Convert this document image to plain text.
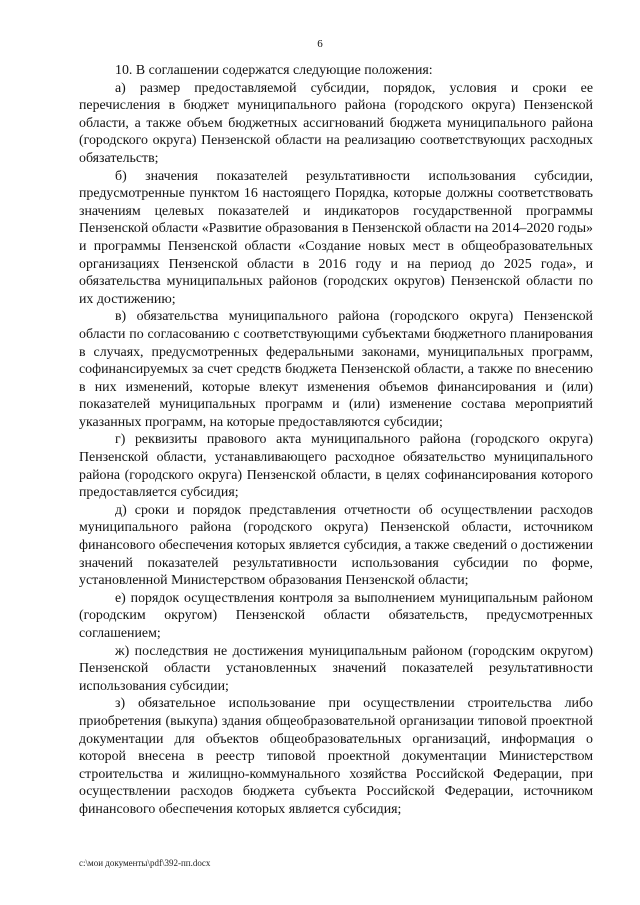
6

10. В соглашении содержатся следующие положения:

а) размер предоставляемой субсидии, порядок, условия и сроки ее перечисления в бюджет муниципального района (городского округа) Пензенской области, а также объем бюджетных ассигнований бюджета муниципального района (городского округа) Пензенской области на реализацию соответствующих расходных обязательств;

б) значения показателей результативности использования субсидии, предусмотренные пунктом 16 настоящего Порядка, которые должны соответствовать значениям целевых показателей и индикаторов государственной программы Пензенской области «Развитие образования в Пензенской области на 2014–2020 годы» и программы Пензенской области «Создание новых мест в общеобразовательных организациях Пензенской области в 2016 году и на период до 2025 года», и обязательства муниципальных районов (городских округов) Пензенской области по их достижению;

в) обязательства муниципального района (городского округа) Пензенской области по согласованию с соответствующими субъектами бюджетного планирования в случаях, предусмотренных федеральными законами, муниципальных программ, софинансируемых за счет средств бюджета Пензенской области, а также по внесению в них изменений, которые влекут изменения объемов финансирования и (или) показателей муниципальных программ и (или) изменение состава мероприятий указанных программ, на которые предоставляются субсидии;

г) реквизиты правового акта муниципального района (городского округа) Пензенской области, устанавливающего расходное обязательство муниципального района (городского округа) Пензенской области, в целях софинансирования которого предоставляется субсидия;

д) сроки и порядок представления отчетности об осуществлении расходов муниципального района (городского округа) Пензенской области, источником финансового обеспечения которых является субсидия, а также сведений о достижении значений показателей результативности использования субсидии по форме, установленной Министерством образования Пензенской области;

е) порядок осуществления контроля за выполнением муниципальным районом (городским округом) Пензенской области обязательств, предусмотренных соглашением;

ж) последствия не достижения муниципальным районом (городским округом) Пензенской области установленных значений показателей результативности использования субсидии;

з) обязательное использование при осуществлении строительства либо приобретения (выкупа) здания общеобразовательной организации типовой проектной документации для объектов общеобразовательных организаций, информация о которой внесена в реестр типовой проектной документации Министерством строительства и жилищно-коммунального хозяйства Российской Федерации, при осуществлении расходов бюджета субъекта Российской Федерации, источником финансового обеспечения которых является субсидия;

c:\мои документы\pdf\392-пп.docx
